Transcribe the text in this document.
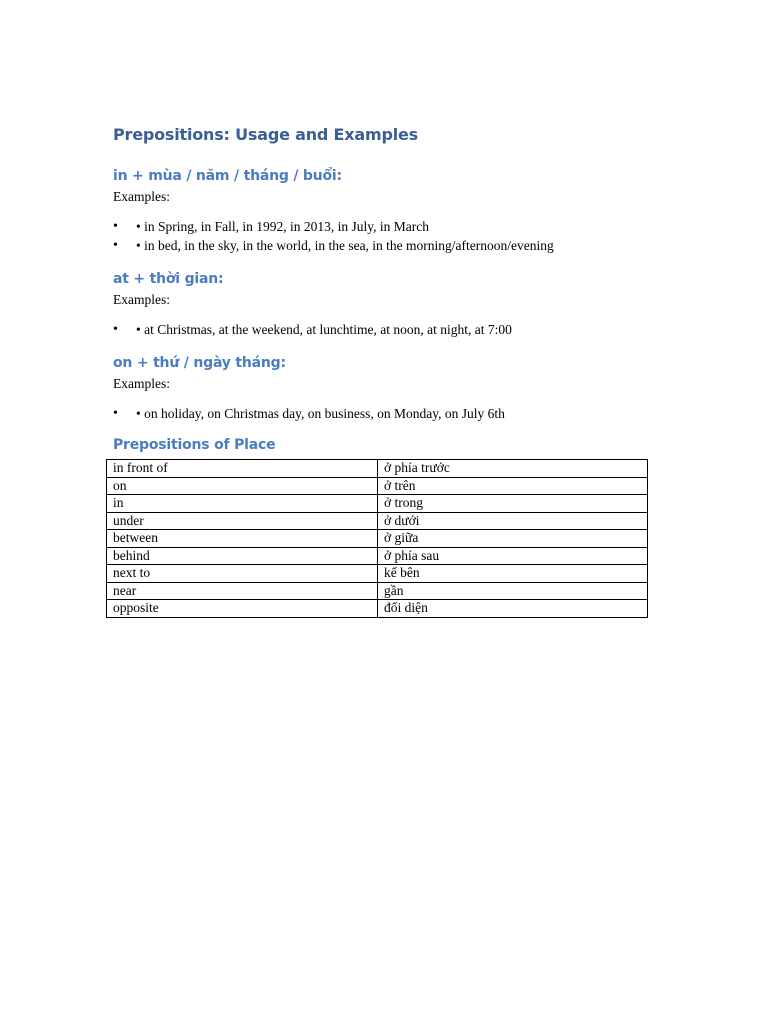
Prepositions: Usage and Examples
in + mùa / năm / tháng / buổi:
Examples:
• • in Spring, in Fall, in 1992, in 2013, in July, in March
• • in bed, in the sky, in the world, in the sea, in the morning/afternoon/evening
at + thời gian:
Examples:
• • at Christmas, at the weekend, at lunchtime, at noon, at night, at 7:00
on + thứ / ngày tháng:
Examples:
• • on holiday, on Christmas day, on business, on Monday, on July 6th
Prepositions of Place
in front of	ở phía trước
on	ở trên
in	ở trong
under	ở dưới
between	ở giữa
behind	ở phía sau
next to	kế bên
near	gần
opposite	đối diện
